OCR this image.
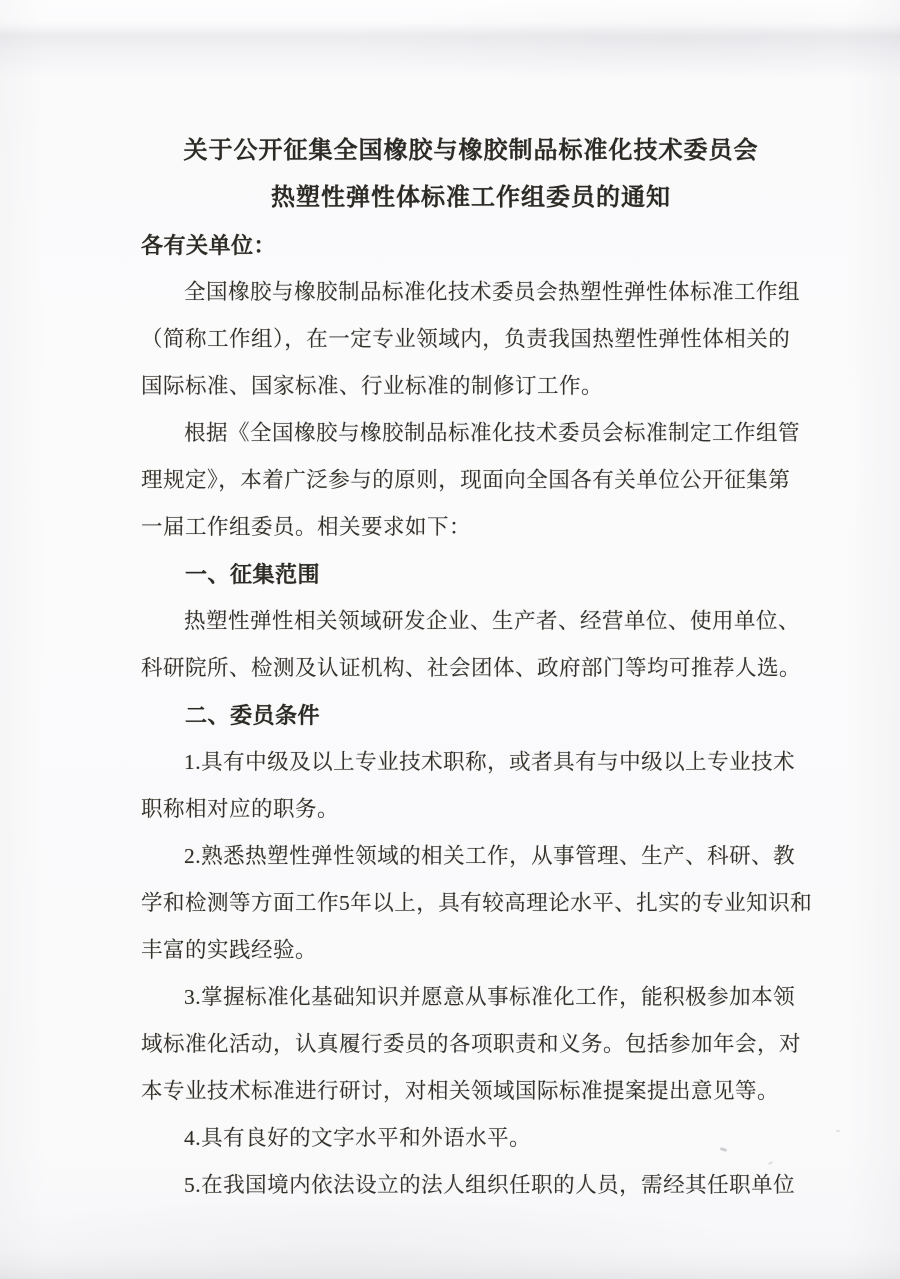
关于公开征集全国橡胶与橡胶制品标准化技术委员会

热塑性弹性体标准工作组委员的通知

各有关单位：

全国橡胶与橡胶制品标准化技术委员会热塑性弹性体标准工作组

（简称工作组），在一定专业领域内，负责我国热塑性弹性体相关的

国际标准、国家标准、行业标准的制修订工作。

根据《全国橡胶与橡胶制品标准化技术委员会标准制定工作组管

理规定》，本着广泛参与的原则，现面向全国各有关单位公开征集第

一届工作组委员。相关要求如下：

一、征集范围

热塑性弹性相关领域研发企业、生产者、经营单位、使用单位、

科研院所、检测及认证机构、社会团体、政府部门等均可推荐人选。

二、委员条件

1.具有中级及以上专业技术职称，或者具有与中级以上专业技术

职称相对应的职务。

2.熟悉热塑性弹性领域的相关工作，从事管理、生产、科研、教

学和检测等方面工作5年以上，具有较高理论水平、扎实的专业知识和

丰富的实践经验。

3.掌握标准化基础知识并愿意从事标准化工作，能积极参加本领

域标准化活动，认真履行委员的各项职责和义务。包括参加年会，对

本专业技术标准进行研讨，对相关领域国际标准提案提出意见等。

4.具有良好的文字水平和外语水平。

5.在我国境内依法设立的法人组织任职的人员，需经其任职单位
